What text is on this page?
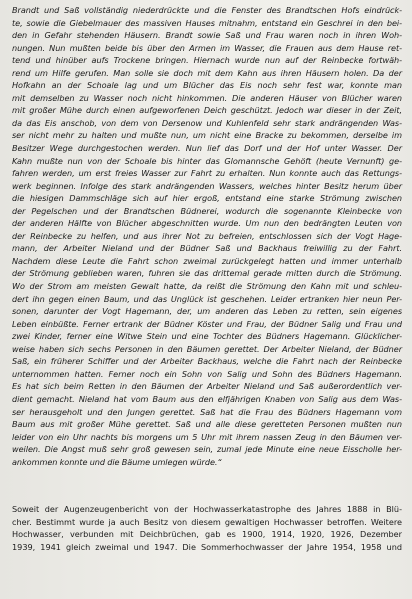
Brandt und Saß vollständig niederdrückte und die Fenster des Brandtschen Hofs eindrück-
te, sowie die Giebelmauer des massiven Hauses mitnahm, entstand ein Geschrei in den bei-
den in Gefahr stehenden Häusern. Brandt sowie Saß und Frau waren noch in ihren Woh-
nungen. Nun mußten beide bis über den Armen im Wasser, die Frauen aus dem Hause ret-
tend und hinüber aufs Trockene bringen. Hiernach wurde nun auf der Reinbecke fortwäh-
rend um Hilfe gerufen. Man solle sie doch mit dem Kahn aus ihren Häusern holen. Da der
Hofkahn an der Schoale lag und um Blücher das Eis noch sehr fest war, konnte man
mit demselben zu Wasser noch nicht hinkommen. Die anderen Häuser von Blücher waren
mit großer Mühe durch einen aufgeworfenen Deich geschützt. Jedoch war dieser in der Zeit,
da das Eis anschob, von dem von Dersenow und Kuhlenfeld sehr stark andrängenden Was-
ser nicht mehr zu halten und mußte nun, um nicht eine Bracke zu bekommen, derselbe im
Besitzer Wege durchgestochen werden. Nun lief das Dorf und der Hof unter Wasser. Der
Kahn mußte nun von der Schoale bis hinter das Glomannsche Gehöft (heute Vernunft) ge-
fahren werden, um erst freies Wasser zur Fahrt zu erhalten. Nun konnte auch das Rettungs-
werk beginnen. Infolge des stark andrängenden Wassers, welches hinter Besitz herum über
die hiesigen Dammschläge sich auf hier ergoß, entstand eine starke Strömung zwischen
der Pegelschen und der Brandtschen Büdnerei, wodurch die sogenannte Kleinbecke von
der anderen Hälfte von Blücher abgeschnitten wurde. Um nun den bedrängten Leuten von
der Reinbecke zu helfen, und aus ihrer Not zu befreien, entschlossen sich der Vogt Hage-
mann, der Arbeiter Nieland und der Büdner Saß und Backhaus freiwillig zu der Fahrt.
Nachdem diese Leute die Fahrt schon zweimal zurückgelegt hatten und immer unterhalb
der Strömung geblieben waren, fuhren sie das drittemal gerade mitten durch die Strömung.
Wo der Strom am meisten Gewalt hatte, da reißt die Strömung den Kahn mit und schleu-
dert ihn gegen einen Baum, und das Unglück ist geschehen. Leider ertranken hier neun Per-
sonen, darunter der Vogt Hagemann, der, um anderen das Leben zu retten, sein eigenes
Leben einbüßte. Ferner ertrank der Büdner Köster und Frau, der Büdner Salig und Frau und
zwei Kinder, ferner eine Witwe Stein und eine Tochter des Büdners Hagemann. Glücklicher-
weise haben sich sechs Personen in den Bäumen gerettet. Der Arbeiter Nieland, der Büdner
Saß, ein früherer Schiffer und der Arbeiter Backhaus, welche die Fahrt nach der Reinbecke
unternommen hatten. Ferner noch ein Sohn von Salig und Sohn des Büdners Hagemann.
Es hat sich beim Retten in den Bäumen der Arbeiter Nieland und Saß außerordentlich ver-
dient gemacht. Nieland hat vom Baum aus den elfjährigen Knaben von Salig aus dem Was-
ser herausgeholt und den Jungen gerettet. Saß hat die Frau des Büdners Hagemann vom
Baum aus mit großer Mühe gerettet. Saß und alle diese geretteten Personen mußten nun
leider von ein Uhr nachts bis morgens um 5 Uhr mit ihrem nassen Zeug in den Bäumen ver-
weilen. Die Angst muß sehr groß gewesen sein, zumal jede Minute eine neue Eisscholle her-
ankommen konnte und die Bäume umlegen würde.“

Soweit der Augenzeugenbericht von der Hochwasserkatastrophe des Jahres 1888 in Blü-
cher. Bestimmt wurde ja auch Besitz von diesem gewaltigen Hochwasser betroffen. Weitere
Hochwasser, verbunden mit Deichbrüchen, gab es 1900, 1914, 1920, 1926, Dezember
1939, 1941 gleich zweimal und 1947. Die Sommerhochwasser der Jahre 1954, 1958 und
